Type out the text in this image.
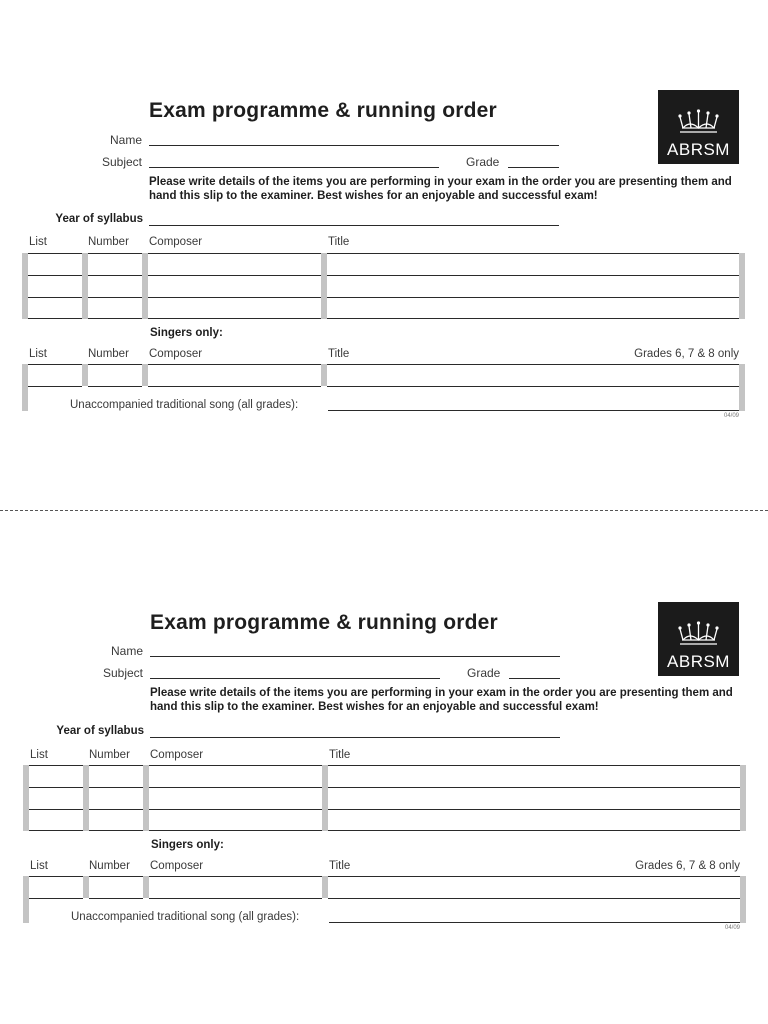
Exam programme & running order
ABRSM
Name
Subject	Grade
Please write details of the items you are performing in your exam in the order you are presenting them and hand this slip to the examiner. Best wishes for an enjoyable and successful exam!
Year of syllabus
List	Number Composer	Title
Singers only:
List	Number Composer	Title	Grades 6, 7 & 8 only
Unaccompanied traditional song (all grades):
04/09
Exam programme & running order
ABRSM
Name
Subject	Grade
Please write details of the items you are performing in your exam in the order you are presenting them and hand this slip to the examiner. Best wishes for an enjoyable and successful exam!
Year of syllabus
List	Number Composer	Title
Singers only:
List	Number Composer	Title	Grades 6, 7 & 8 only
Unaccompanied traditional song (all grades):
04/09
